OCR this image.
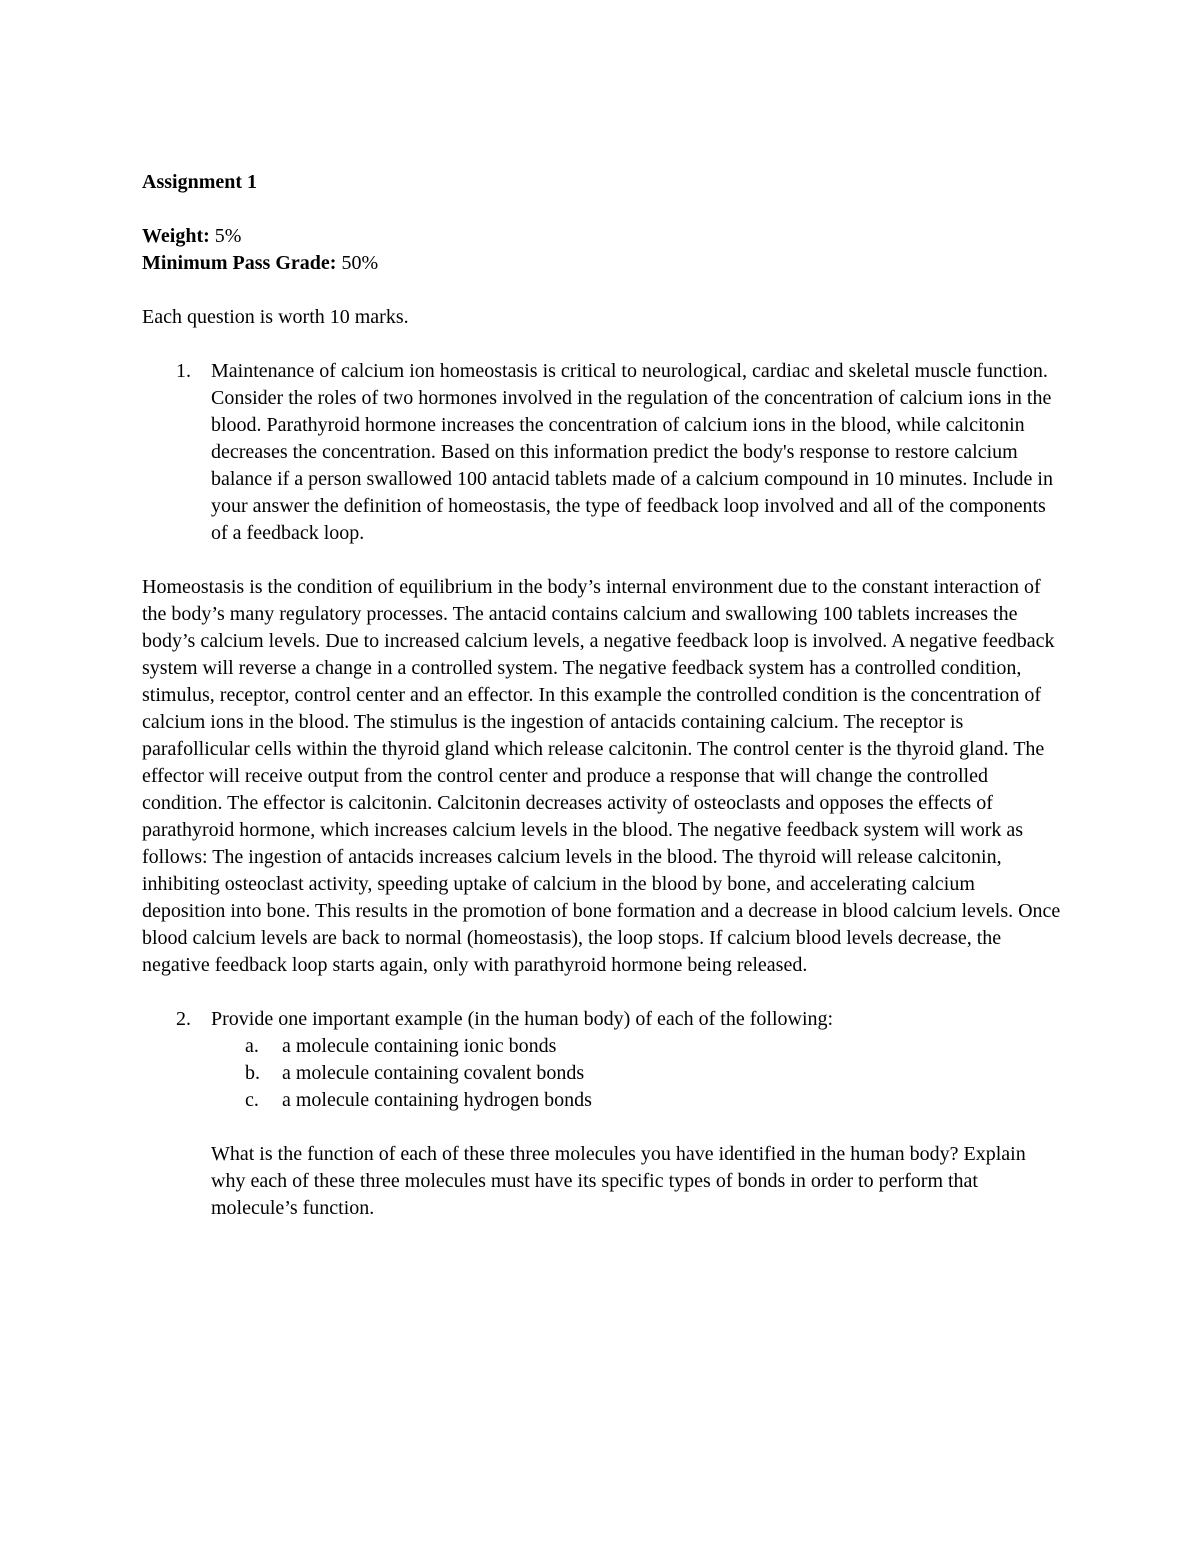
Assignment 1

Weight: 5%

Minimum Pass Grade: 50%

Each question is worth 10 marks.

1. Maintenance of calcium ion homeostasis is critical to neurological, cardiac and skeletal muscle function. Consider the roles of two hormones involved in the regulation of the concentration of calcium ions in the blood. Parathyroid hormone increases the concentration of calcium ions in the blood, while calcitonin decreases the concentration. Based on this information predict the body's response to restore calcium balance if a person swallowed 100 antacid tablets made of a calcium compound in 10 minutes. Include in your answer the definition of homeostasis, the type of feedback loop involved and all of the components of a feedback loop.

Homeostasis is the condition of equilibrium in the body’s internal environment due to the constant interaction of the body’s many regulatory processes. The antacid contains calcium and swallowing 100 tablets increases the body’s calcium levels. Due to increased calcium levels, a negative feedback loop is involved. A negative feedback system will reverse a change in a controlled system. The negative feedback system has a controlled condition, stimulus, receptor, control center and an effector. In this example the controlled condition is the concentration of calcium ions in the blood. The stimulus is the ingestion of antacids containing calcium. The receptor is parafollicular cells within the thyroid gland which release calcitonin. The control center is the thyroid gland. The effector will receive output from the control center and produce a response that will change the controlled condition. The effector is calcitonin. Calcitonin decreases activity of osteoclasts and opposes the effects of parathyroid hormone, which increases calcium levels in the blood. The negative feedback system will work as follows: The ingestion of antacids increases calcium levels in the blood. The thyroid will release calcitonin, inhibiting osteoclast activity, speeding uptake of calcium in the blood by bone, and accelerating calcium deposition into bone. This results in the promotion of bone formation and a decrease in blood calcium levels. Once blood calcium levels are back to normal (homeostasis), the loop stops. If calcium blood levels decrease, the negative feedback loop starts again, only with parathyroid hormone being released.

2. Provide one important example (in the human body) of each of the following:
a. a molecule containing ionic bonds
b. a molecule containing covalent bonds
c. a molecule containing hydrogen bonds
What is the function of each of these three molecules you have identified in the human body? Explain why each of these three molecules must have its specific types of bonds in order to perform that molecule’s function.
